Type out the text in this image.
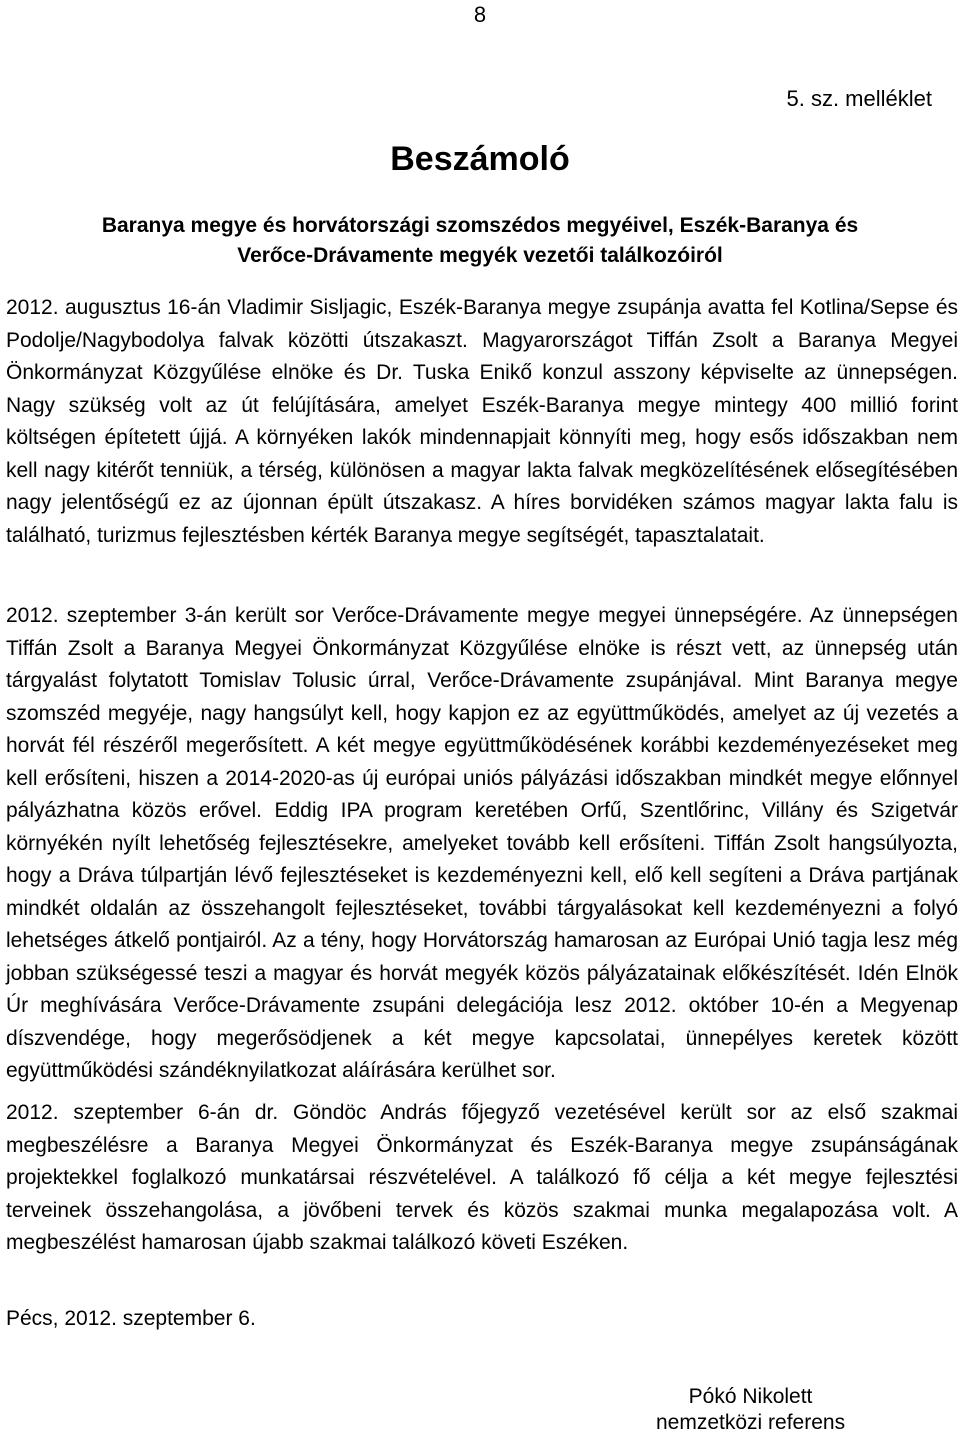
8
5. sz. melléklet
Beszámoló
Baranya megye és horvátországi szomszédos megyéivel, Eszék-Baranya és
Verőce-Drávamente megyék vezetői találkozóiról

2012. augusztus 16-án Vladimir Sisljagic, Eszék-Baranya megye zsupánja avatta fel Kotlina/Sepse és Podolje/Nagybodolya falvak közötti útszakaszt. Magyarországot Tiffán Zsolt a Baranya Megyei Önkormányzat Közgyűlése elnöke és Dr. Tuska Enikő konzul asszony képviselte az ünnepségen. Nagy szükség volt az út felújítására, amelyet Eszék-Baranya megye mintegy 400 millió forint költségen építetett újjá. A környéken lakók mindennapjait könnyíti meg, hogy esős időszakban nem kell nagy kitérőt tenniük, a térség, különösen a magyar lakta falvak megközelítésének elősegítésében nagy jelentőségű ez az újonnan épült útszakasz. A híres borvidéken számos magyar lakta falu is található, turizmus fejlesztésben kérték Baranya megye segítségét, tapasztalatait.

2012. szeptember 3-án került sor Verőce-Drávamente megye megyei ünnepségére. Az ünnepségen Tiffán Zsolt a Baranya Megyei Önkormányzat Közgyűlése elnöke is részt vett, az ünnepség után tárgyalást folytatott Tomislav Tolusic úrral, Verőce-Drávamente zsupánjával. Mint Baranya megye szomszéd megyéje, nagy hangsúlyt kell, hogy kapjon ez az együttműködés, amelyet az új vezetés a horvát fél részéről megerősített. A két megye együttműködésének korábbi kezdeményezéseket meg kell erősíteni, hiszen a 2014-2020-as új európai uniós pályázási időszakban mindkét megye előnnyel pályázhatna közös erővel. Eddig IPA program keretében Orfű, Szentlőrinc, Villány és Szigetvár környékén nyílt lehetőség fejlesztésekre, amelyeket tovább kell erősíteni. Tiffán Zsolt hangsúlyozta, hogy a Dráva túlpartján lévő fejlesztéseket is kezdeményezni kell, elő kell segíteni a Dráva partjának mindkét oldalán az összehangolt fejlesztéseket, további tárgyalásokat kell kezdeményezni a folyó lehetséges átkelő pontjairól. Az a tény, hogy Horvátország hamarosan az Európai Unió tagja lesz még jobban szükségessé teszi a magyar és horvát megyék közös pályázatainak előkészítését. Idén Elnök Úr meghívására Verőce-Drávamente zsupáni delegációja lesz 2012. október 10-én a Megyenap díszvendége, hogy megerősödjenek a két megye kapcsolatai, ünnepélyes keretek között együttműködési szándéknyilatkozat aláírására kerülhet sor.

2012. szeptember 6-án dr. Göndöc András főjegyző vezetésével került sor az első szakmai megbeszélésre a Baranya Megyei Önkormányzat és Eszék-Baranya megye zsupánságának projektekkel foglalkozó munkatársai részvételével. A találkozó fő célja a két megye fejlesztési terveinek összehangolása, a jövőbeni tervek és közös szakmai munka megalapozása volt. A megbeszélést hamarosan újabb szakmai találkozó követi Eszéken.

Pécs, 2012. szeptember 6.
Pókó Nikolett
nemzetközi referens
